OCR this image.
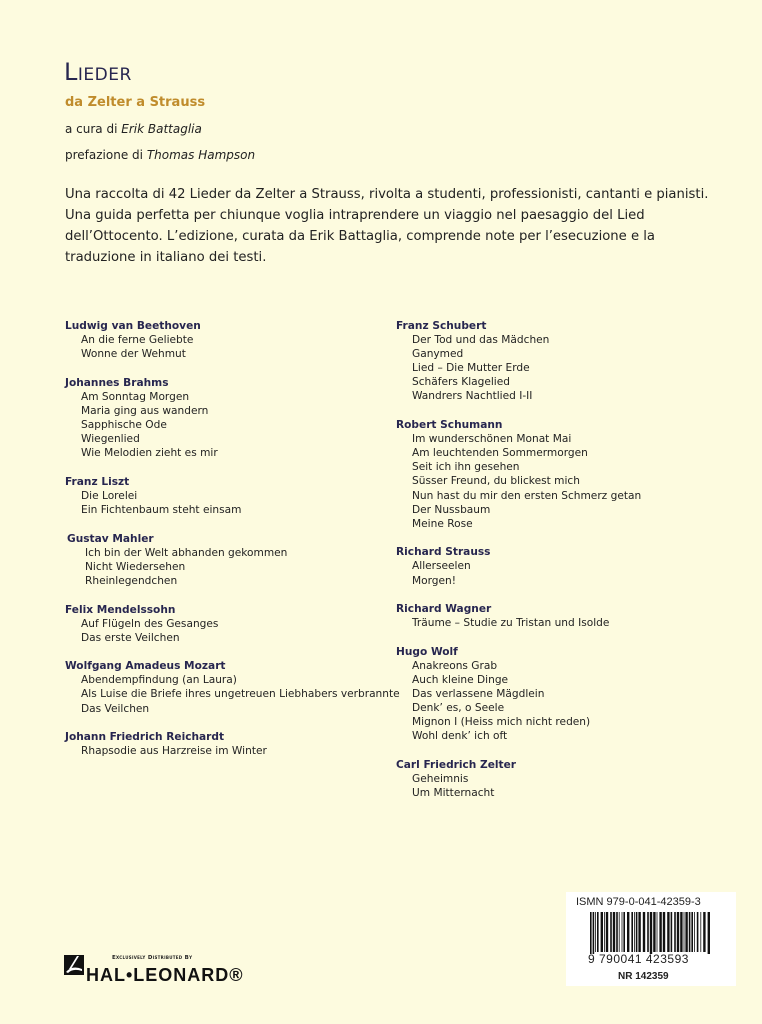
Lieder
da Zelter a Strauss
a cura di Erik Battaglia
prefazione di Thomas Hampson
Una raccolta di 42 Lieder da Zelter a Strauss, rivolta a studenti, professionisti, cantanti e pianisti. Una guida perfetta per chiunque voglia intraprendere un viaggio nel paesaggio del Lied dell’Ottocento. L’edizione, curata da Erik Battaglia, comprende note per l’esecuzione e la traduzione in italiano dei testi.
Ludwig van Beethoven
An die ferne Geliebte
Wonne der Wehmut
Johannes Brahms
Am Sonntag Morgen
Maria ging aus wandern
Sapphische Ode
Wiegenlied
Wie Melodien zieht es mir
Franz Liszt
Die Lorelei
Ein Fichtenbaum steht einsam
Gustav Mahler
Ich bin der Welt abhanden gekommen
Nicht Wiedersehen
Rheinlegendchen
Felix Mendelssohn
Auf Flügeln des Gesanges
Das erste Veilchen
Wolfgang Amadeus Mozart
Abendempfindung (an Laura)
Als Luise die Briefe ihres ungetreuen Liebhabers verbrannte
Das Veilchen
Johann Friedrich Reichardt
Rhapsodie aus Harzreise im Winter
Franz Schubert
Der Tod und das Mädchen
Ganymed
Lied – Die Mutter Erde
Schäfers Klagelied
Wandrers Nachtlied I-II
Robert Schumann
Im wunderschönen Monat Mai
Am leuchtenden Sommermorgen
Seit ich ihn gesehen
Süsser Freund, du blickest mich
Nun hast du mir den ersten Schmerz getan
Der Nussbaum
Meine Rose
Richard Strauss
Allerseelen
Morgen!
Richard Wagner
Träume – Studie zu Tristan und Isolde
Hugo Wolf
Anakreons Grab
Auch kleine Dinge
Das verlassene Mägdlein
Denk’ es, o Seele
Mignon I (Heiss mich nicht reden)
Wohl denk’ ich oft
Carl Friedrich Zelter
Geheimnis
Um Mitternacht
Exclusively Distributed By
HAL•LEONARD®
ISMN 979-0-041-42359-3
9 790041 423593
NR 142359
